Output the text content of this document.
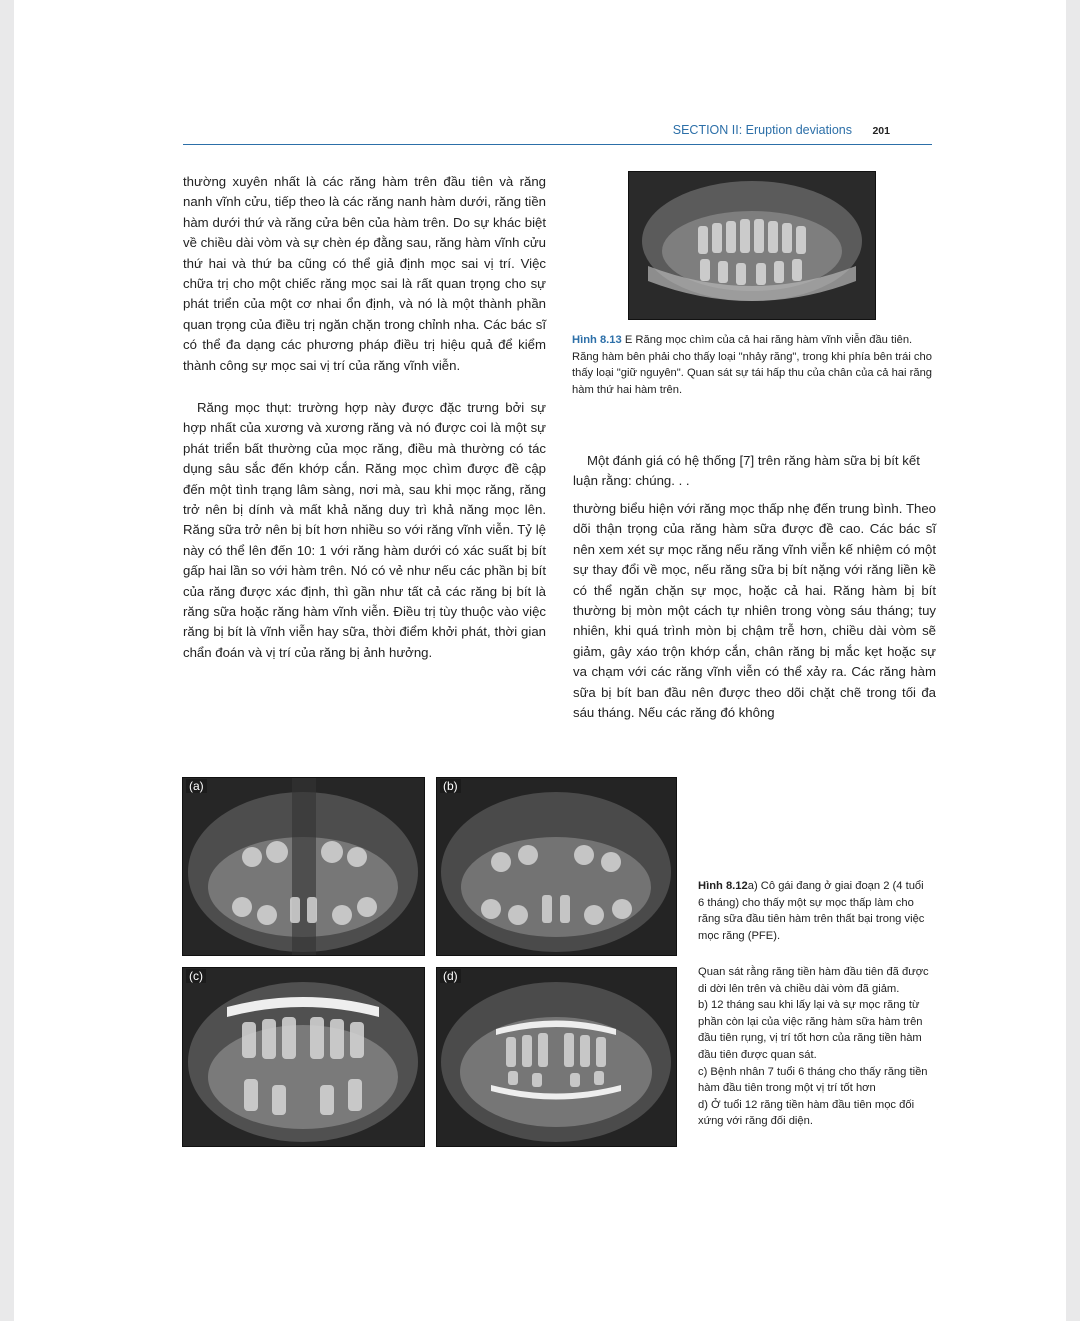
SECTION II: Eruption deviations 201

thường xuyên nhất là các răng hàm trên đầu tiên và răng nanh vĩnh cửu, tiếp theo là các răng nanh hàm dưới, răng tiền hàm dưới thứ và răng cửa bên của hàm trên. Do sự khác biệt về chiều dài vòm và sự chèn ép đằng sau, răng hàm vĩnh cửu thứ hai và thứ ba cũng có thể giả định mọc sai vị trí. Việc chữa trị cho một chiếc răng mọc sai là rất quan trọng cho sự phát triển của một cơ nhai ổn định, và nó là một thành phần quan trọng của điều trị ngăn chặn trong chỉnh nha. Các bác sĩ có thể đa dạng các phương pháp điều trị hiệu quả để kiểm thành công sự mọc sai vị trí của răng vĩnh viễn.

Răng mọc thụt: trường hợp này được đặc trưng bởi sự hợp nhất của xương và xương răng và nó được coi là một sự phát triển bất thường của mọc răng, điều mà thường có tác dụng sâu sắc đến khớp cắn. Răng mọc chìm được đề cập đến một tình trạng lâm sàng, nơi mà, sau khi mọc răng, răng trở nên bị dính và mất khả năng duy trì khả năng mọc lên. Răng sữa trở nên bị bít hơn nhiều so với răng vĩnh viễn. Tỷ lệ này có thể lên đến 10: 1 với răng hàm dưới có xác suất bị bít gấp hai lần so với hàm trên. Nó có vẻ như nếu các phần bị bít của răng được xác định, thì gần như tất cả các răng bị bít là răng sữa hoặc răng hàm vĩnh viễn. Điều trị tùy thuộc vào việc răng bị bít là vĩnh viễn hay sữa, thời điểm khởi phát, thời gian chẩn đoán và vị trí của răng bị ảnh hưởng.

Hình 8.13 E Răng mọc chìm của cả hai răng hàm vĩnh viễn đầu tiên. Răng hàm bên phải cho thấy loại "nhảy răng", trong khi phía bên trái cho thấy loại "giữ nguyên". Quan sát sự tái hấp thu của chân của cả hai răng hàm thứ hai hàm trên.

Một đánh giá có hệ thống [7] trên răng hàm sữa bị bít kết luận rằng: chúng. . .

thường biểu hiện với răng mọc thấp nhẹ đến trung bình. Theo dõi thận trọng của răng hàm sữa được đề cao. Các bác sĩ nên xem xét sự mọc răng nếu răng vĩnh viễn kế nhiệm có một sự thay đổi về mọc, nếu răng sữa bị bít nặng với răng liền kề có thể ngăn chặn sự mọc, hoặc cả hai. Răng hàm bị bít thường bị mòn một cách tự nhiên trong vòng sáu tháng; tuy nhiên, khi quá trình mòn bị chậm trễ hơn, chiều dài vòm sẽ giảm, gây xáo trộn khớp cắn, chân răng bị mắc kẹt hoặc sự va chạm với các răng vĩnh viễn có thể xảy ra. Các răng hàm sữa bị bít ban đầu nên được theo dõi chặt chẽ trong tối đa sáu tháng. Nếu các răng đó không

(a)	(b)
(c)	(d)

Hình 8.12a) Cô gái đang ở giai đoạn 2 (4 tuổi 6 tháng) cho thấy một sự mọc thấp làm cho răng sữa đầu tiên hàm trên thất bại trong việc mọc răng (PFE).

Quan sát rằng răng tiền hàm đầu tiên đã được di dời lên trên và chiều dài vòm đã giảm.
b) 12 tháng sau khi lấy lại và sự mọc răng từ phần còn lại của việc răng hàm sữa hàm trên đầu tiên rụng, vị trí tốt hơn của răng tiền hàm đầu tiên được quan sát.
c) Bệnh nhân 7 tuổi 6 tháng cho thấy răng tiền hàm đầu tiên trong một vị trí tốt hơn
d) Ở tuổi 12 răng tiền hàm đầu tiên mọc đối xứng với răng đối diện.
